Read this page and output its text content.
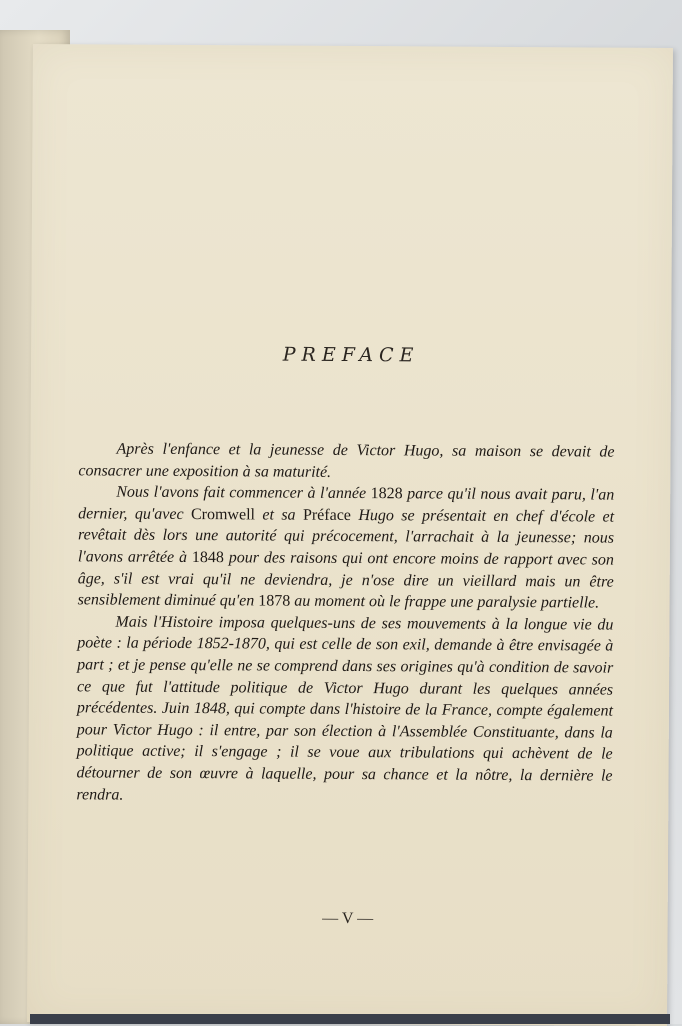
PREFACE

Après l'enfance et la jeunesse de Victor Hugo, sa maison se devait de consacrer une exposition à sa maturité.

Nous l'avons fait commencer à l'année 1828 parce qu'il nous avait paru, l'an dernier, qu'avec Cromwell et sa Préface Hugo se présentait en chef d'école et revêtait dès lors une autorité qui précocement, l'arrachait à la jeunesse; nous l'avons arrêtée à 1848 pour des raisons qui ont encore moins de rapport avec son âge, s'il est vrai qu'il ne deviendra, je n'ose dire un vieillard mais un être sensiblement diminué qu'en 1878 au moment où le frappe une paralysie partielle.

Mais l'Histoire imposa quelques-uns de ses mouvements à la longue vie du poète : la période 1852-1870, qui est celle de son exil, demande à être envisagée à part ; et je pense qu'elle ne se comprend dans ses origines qu'à condition de savoir ce que fut l'attitude politique de Victor Hugo durant les quelques années précédentes. Juin 1848, qui compte dans l'histoire de la France, compte également pour Victor Hugo : il entre, par son élection à l'Assemblée Constituante, dans la politique active; il s'engage ; il se voue aux tribulations qui achèvent de le détourner de son œuvre à laquelle, pour sa chance et la nôtre, la dernière le rendra.

— V —
